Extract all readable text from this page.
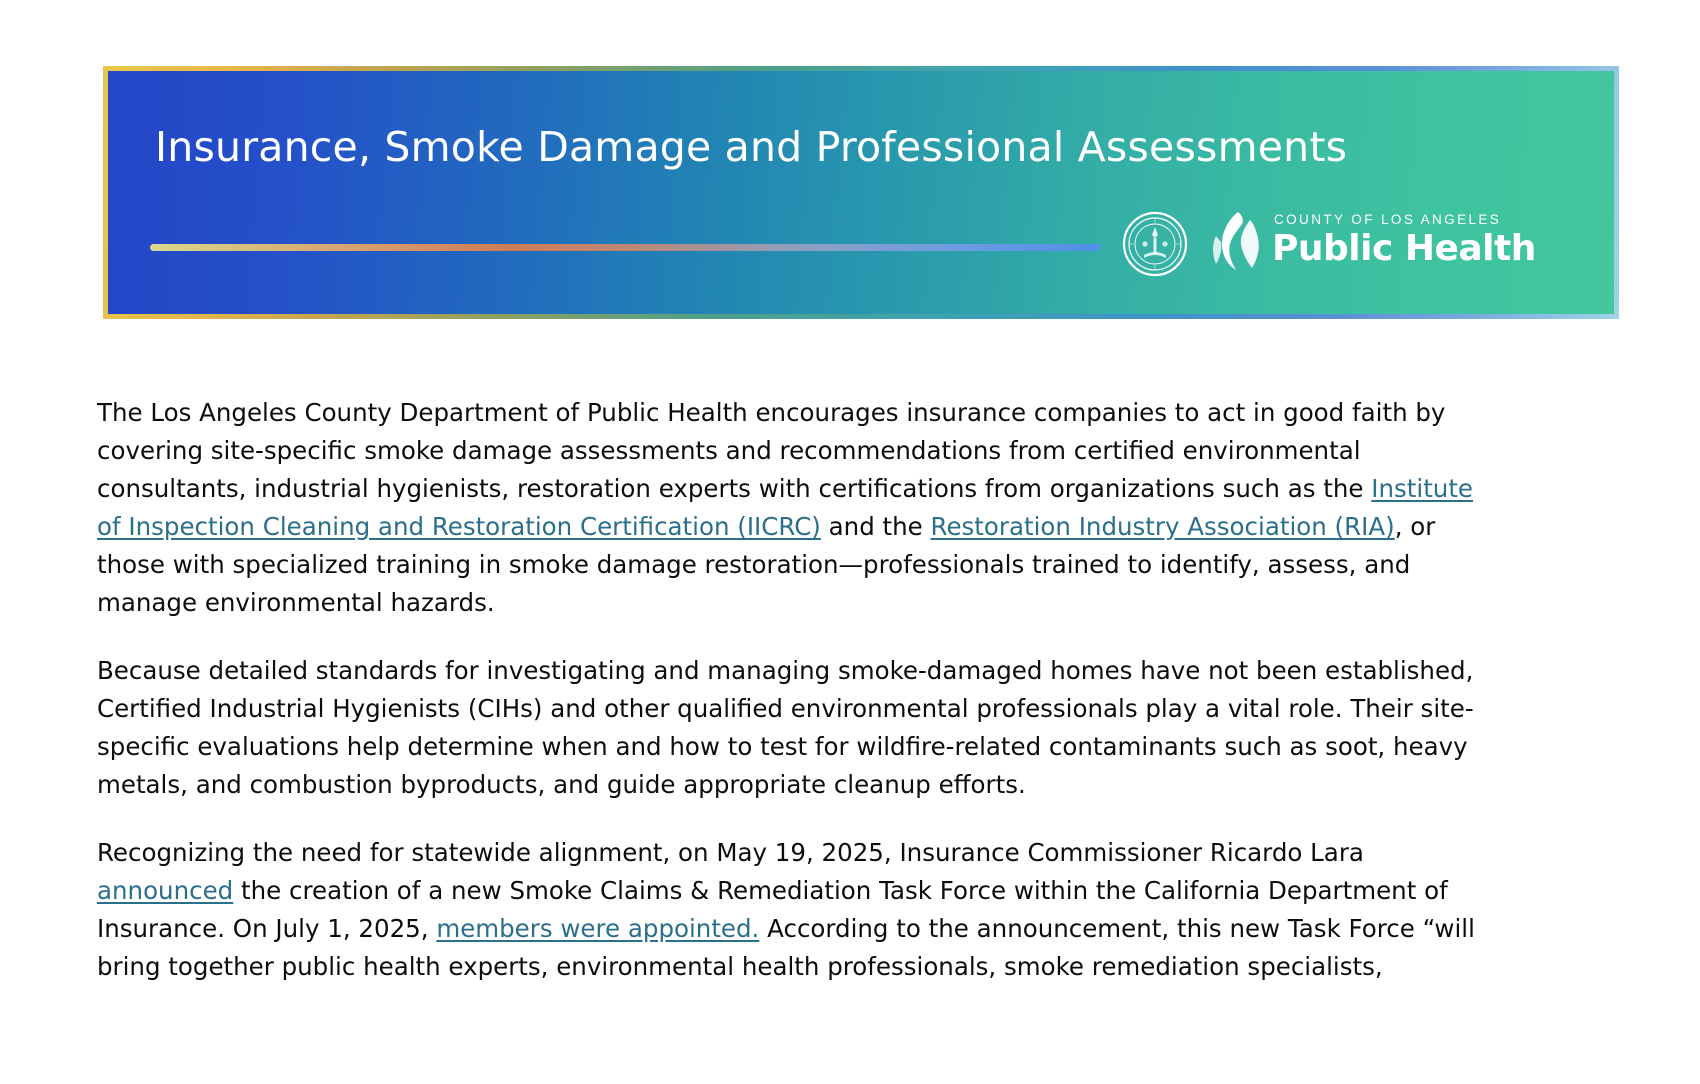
Insurance, Smoke Damage and Professional Assessments
COUNTY OF LOS ANGELES
Public Health

The Los Angeles County Department of Public Health encourages insurance companies to act in good faith by covering site-specific smoke damage assessments and recommendations from certified environmental consultants, industrial hygienists, restoration experts with certifications from organizations such as the Institute of Inspection Cleaning and Restoration Certification (IICRC) and the Restoration Industry Association (RIA), or those with specialized training in smoke damage restoration—professionals trained to identify, assess, and manage environmental hazards.

Because detailed standards for investigating and managing smoke-damaged homes have not been established, Certified Industrial Hygienists (CIHs) and other qualified environmental professionals play a vital role. Their site-specific evaluations help determine when and how to test for wildfire-related contaminants such as soot, heavy metals, and combustion byproducts, and guide appropriate cleanup efforts.

Recognizing the need for statewide alignment, on May 19, 2025, Insurance Commissioner Ricardo Lara announced the creation of a new Smoke Claims & Remediation Task Force within the California Department of Insurance. On July 1, 2025, members were appointed. According to the announcement, this new Task Force “will bring together public health experts, environmental health professionals, smoke remediation specialists,
